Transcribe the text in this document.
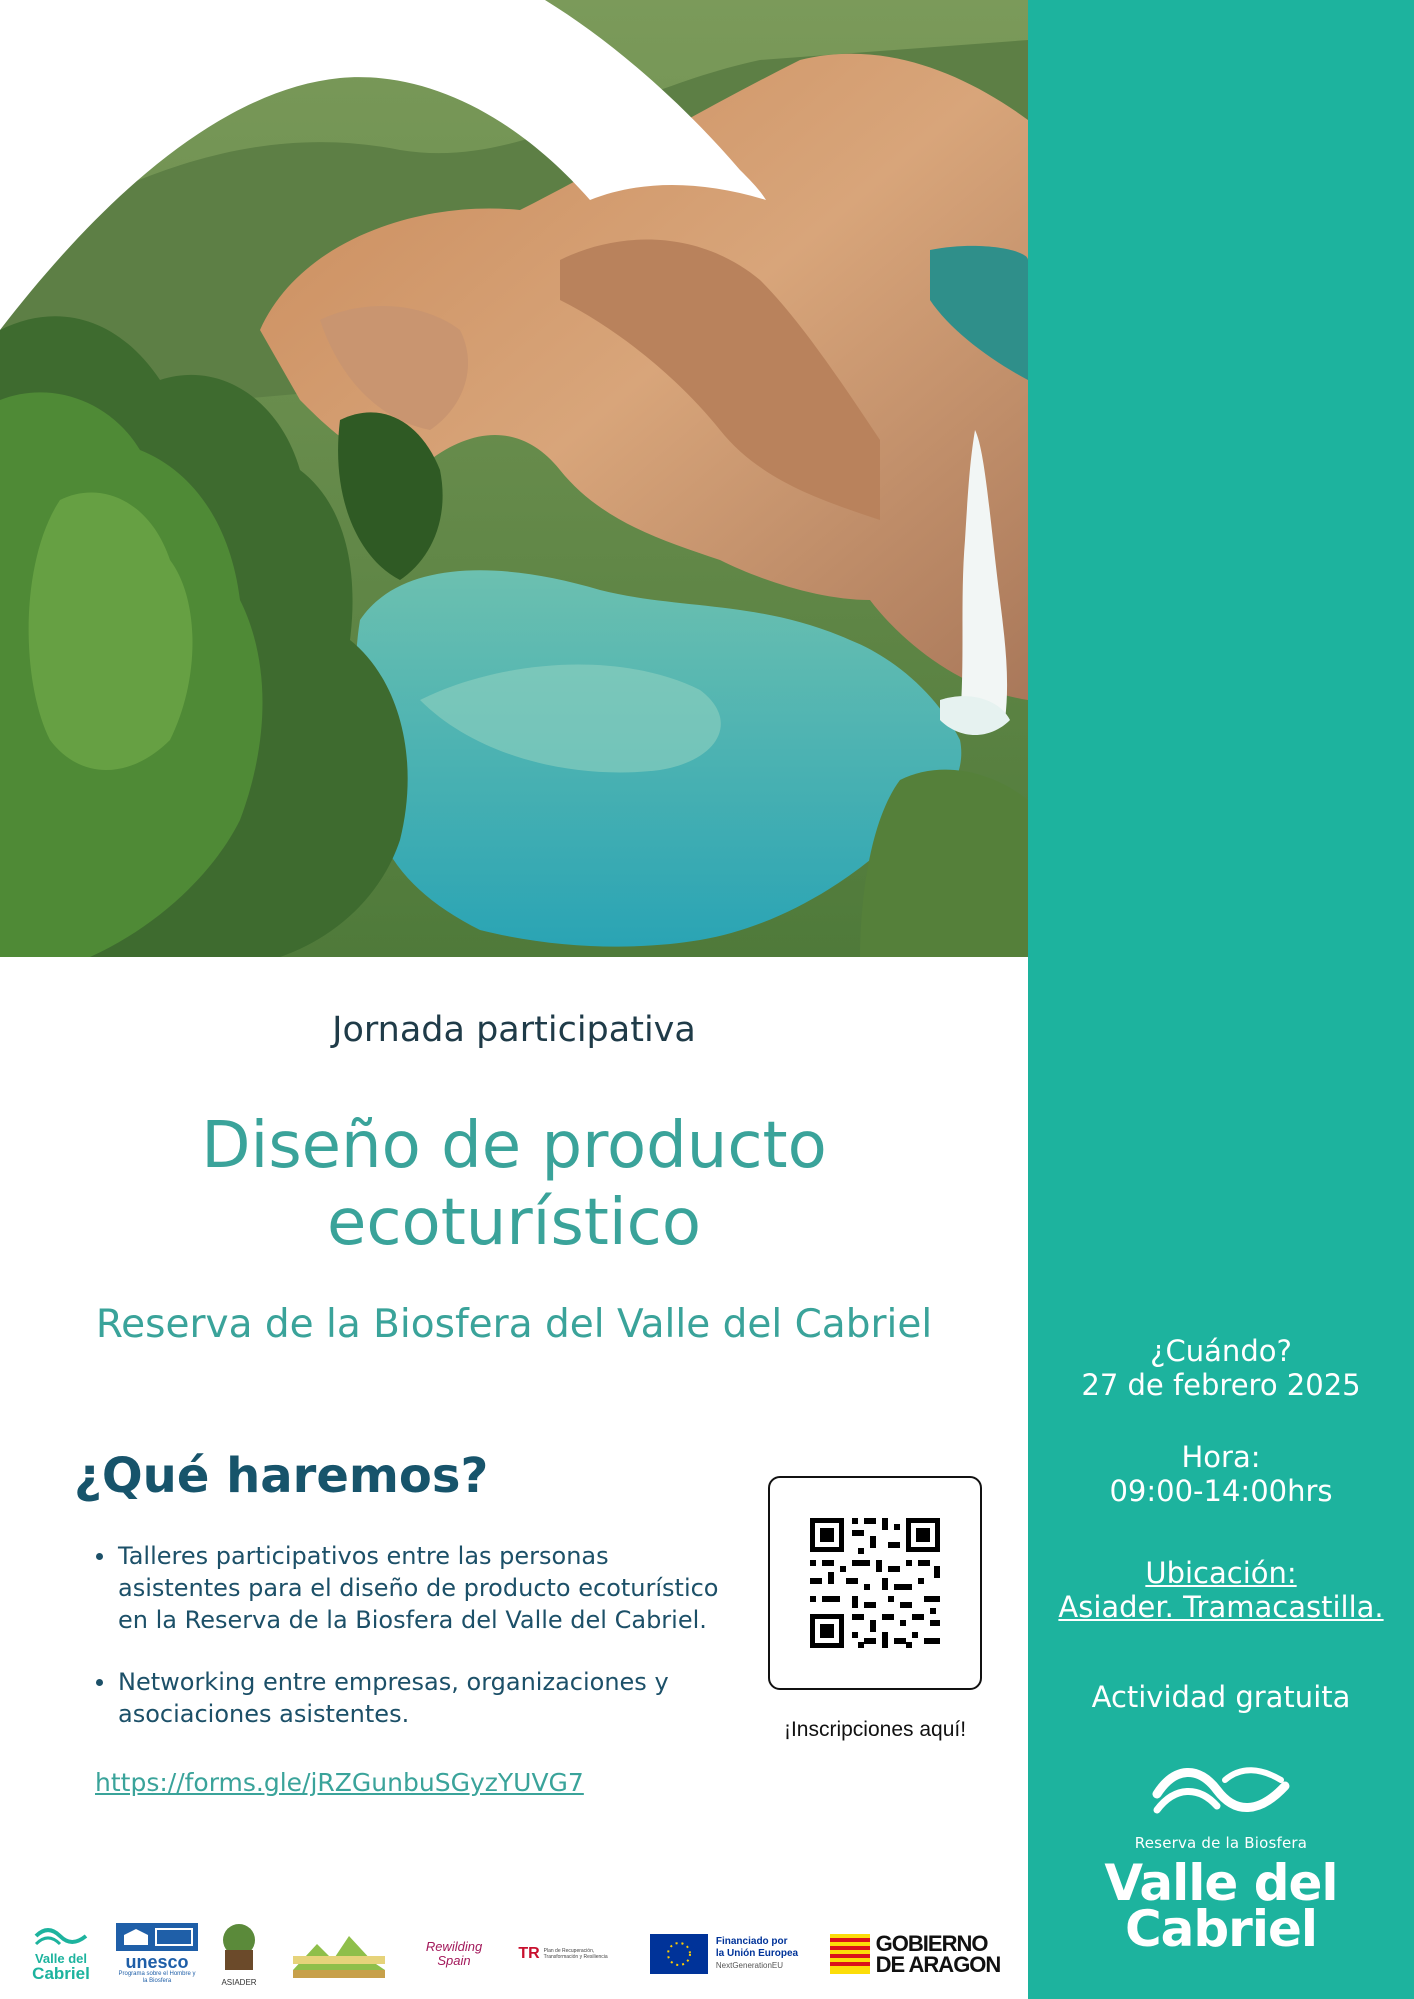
Jornada participativa
Diseño de producto
ecoturístico
Reserva de la Biosfera del Valle del Cabriel
¿Qué haremos?
Talleres participativos entre las personas asistentes para el diseño de producto ecoturístico en la Reserva de la Biosfera del Valle del Cabriel.
Networking entre empresas, organizaciones y asociaciones asistentes.
https://forms.gle/jRZGunbuSGyzYUVG7
¡Inscripciones aquí!
Valle del
Cabriel
unesco
Programa sobre el Hombre y la Biosfera	ASIADER
Rewilding
Spain	TR Plan de Recuperación, Transformación y Resiliencia
Financiado por
la Unión Europea
NextGenerationEU
GOBIERNO
DE ARAGON
¿Cuándo?
27 de febrero 2025
Hora:
09:00-14:00hrs
Ubicación:
Asiader. Tramacastilla.
Actividad gratuita
Reserva de la Biosfera
Valle del
Cabriel
